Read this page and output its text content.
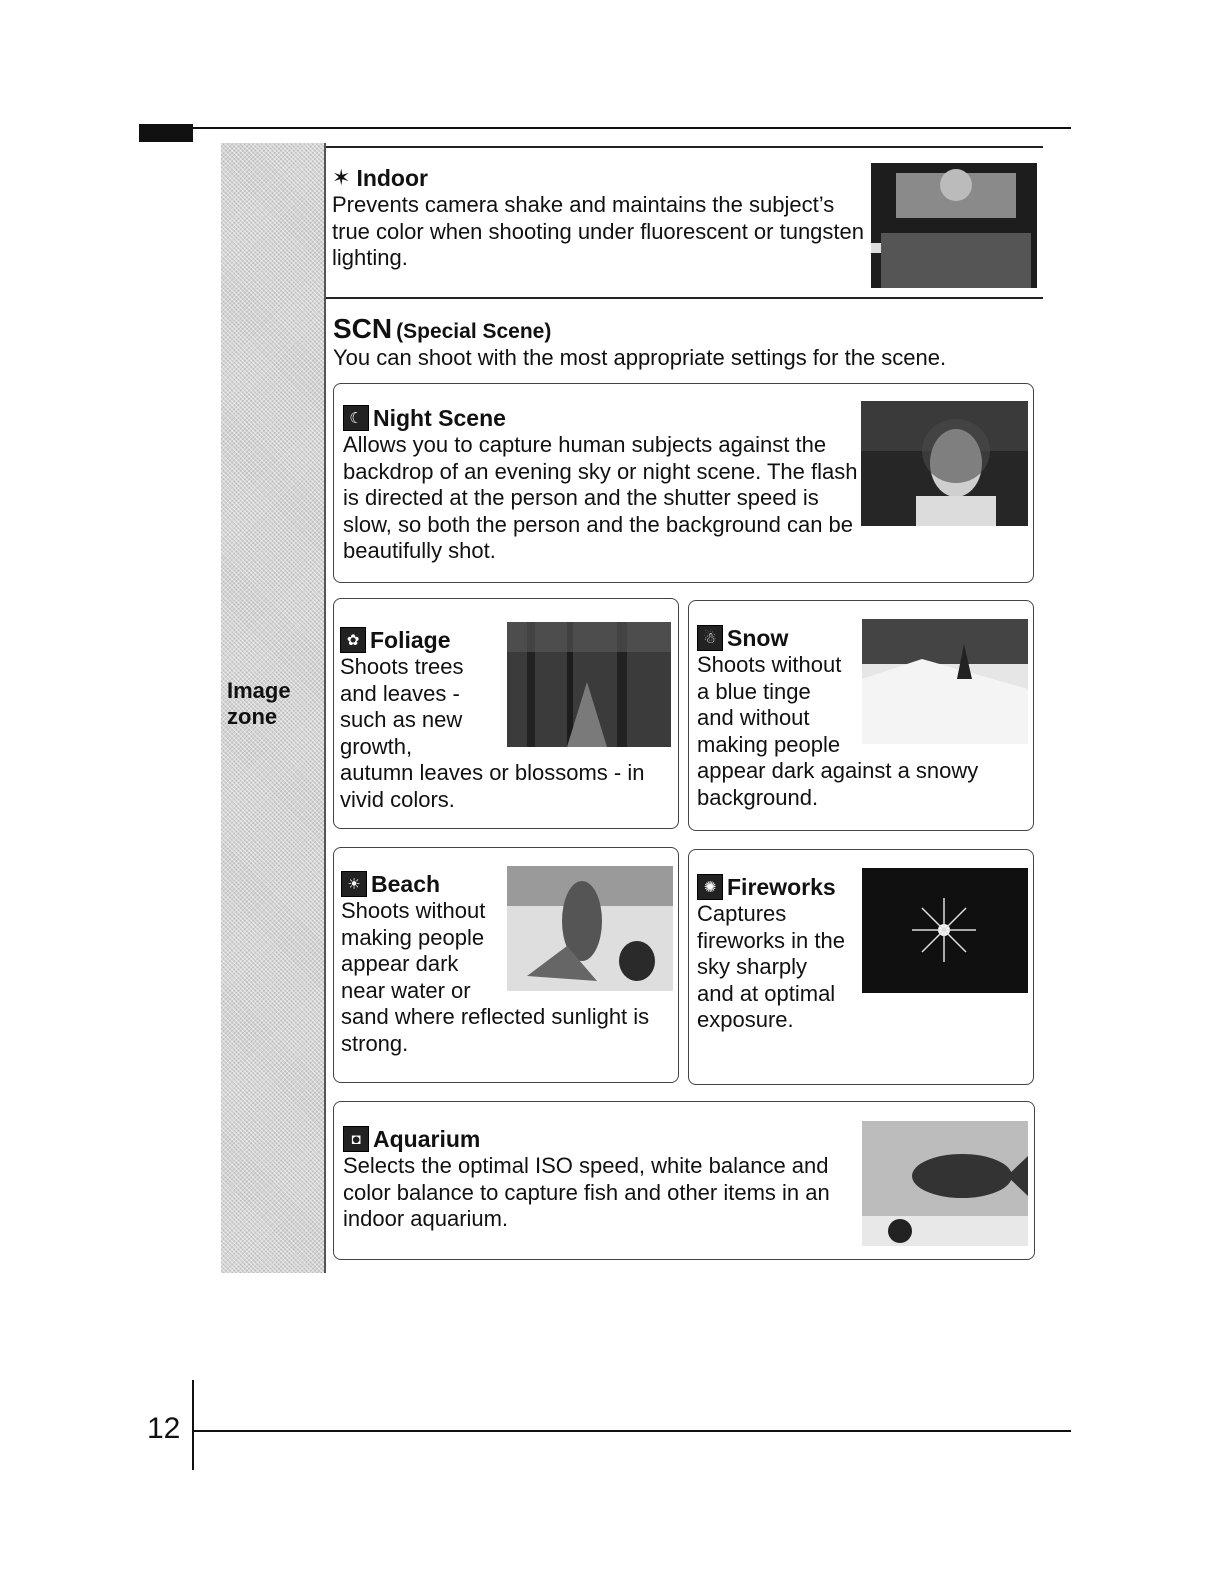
Image
zone
✶ Indoor
Prevents camera shake and maintains the subject’s true color when shooting under fluorescent or tungsten lighting.
SCN (Special Scene)
You can shoot with the most appropriate settings for the scene.
☾ Night Scene
Allows you to capture human subjects against the backdrop of an evening sky or night scene. The flash is directed at the person and the shutter speed is slow, so both the person and the background can be beautifully shot.
✿ Foliage
Shoots trees
and leaves -
such as new
growth,
autumn leaves or blossoms - in
vivid colors.
☃ Snow
Shoots without
a blue tinge
and without
making people
appear dark against a snowy
background.
☀ Beach
Shoots without
making people
appear dark
near water or
sand where reflected sunlight is
strong.
✺ Fireworks
Captures
fireworks in the
sky sharply
and at optimal
exposure.
◘ Aquarium
Selects the optimal ISO speed, white balance and color balance to capture fish and other items in an indoor aquarium.
12
